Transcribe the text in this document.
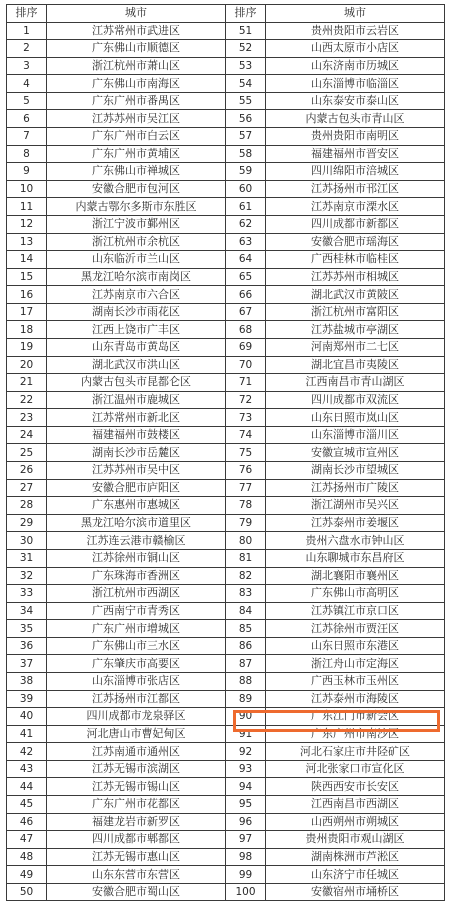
排序	城市	排序	城市
1	江苏常州市武进区	51	贵州贵阳市云岩区
2	广东佛山市顺德区	52	山西太原市小店区
3	浙江杭州市萧山区	53	山东济南市历城区
4	广东佛山市南海区	54	山东淄博市临淄区
5	广东广州市番禺区	55	山东泰安市泰山区
6	江苏苏州市吴江区	56	内蒙古包头市青山区
7	广东广州市白云区	57	贵州贵阳市南明区
8	广东广州市黄埔区	58	福建福州市晋安区
9	广东佛山市禅城区	59	四川绵阳市涪城区
10	安徽合肥市包河区	60	江苏扬州市邗江区
11	内蒙古鄂尔多斯市东胜区	61	江苏南京市溧水区
12	浙江宁波市鄞州区	62	四川成都市新都区
13	浙江杭州市余杭区	63	安徽合肥市瑶海区
14	山东临沂市兰山区	64	广西桂林市临桂区
15	黑龙江哈尔滨市南岗区	65	江苏苏州市相城区
16	江苏南京市六合区	66	湖北武汉市黄陂区
17	湖南长沙市雨花区	67	浙江杭州市富阳区
18	江西上饶市广丰区	68	江苏盐城市亭湖区
19	山东青岛市黄岛区	69	河南郑州市二七区
20	湖北武汉市洪山区	70	湖北宜昌市夷陵区
21	内蒙古包头市昆都仑区	71	江西南昌市青山湖区
22	浙江温州市鹿城区	72	四川成都市双流区
23	江苏常州市新北区	73	山东日照市岚山区
24	福建福州市鼓楼区	74	山东淄博市淄川区
25	湖南长沙市岳麓区	75	安徽宣城市宣州区
26	江苏苏州市吴中区	76	湖南长沙市望城区
27	安徽合肥市庐阳区	77	江苏扬州市广陵区
28	广东惠州市惠城区	78	浙江湖州市吴兴区
29	黑龙江哈尔滨市道里区	79	江苏泰州市姜堰区
30	江苏连云港市赣榆区	80	贵州六盘水市钟山区
31	江苏徐州市铜山区	81	山东聊城市东昌府区
32	广东珠海市香洲区	82	湖北襄阳市襄州区
33	浙江杭州市西湖区	83	广东佛山市高明区
34	广西南宁市青秀区	84	江苏镇江市京口区
35	广东广州市增城区	85	江苏徐州市贾汪区
36	广东佛山市三水区	86	山东日照市东港区
37	广东肇庆市高要区	87	浙江舟山市定海区
38	山东淄博市张店区	88	广西玉林市玉州区
39	江苏扬州市江都区	89	江苏泰州市海陵区
40	四川成都市龙泉驿区	90	广东江门市新会区
41	河北唐山市曹妃甸区	91	广东广州市南沙区
42	江苏南通市通州区	92	河北石家庄市井陉矿区
43	江苏无锡市滨湖区	93	河北张家口市宣化区
44	江苏无锡市锡山区	94	陕西西安市长安区
45	广东广州市花都区	95	江西南昌市西湖区
46	福建龙岩市新罗区	96	山西朔州市朔城区
47	四川成都市郫都区	97	贵州贵阳市观山湖区
48	江苏无锡市惠山区	98	湖南株洲市芦淞区
49	山东东营市东营区	99	山东济宁市任城区
50	安徽合肥市蜀山区	100	安徽宿州市埇桥区
